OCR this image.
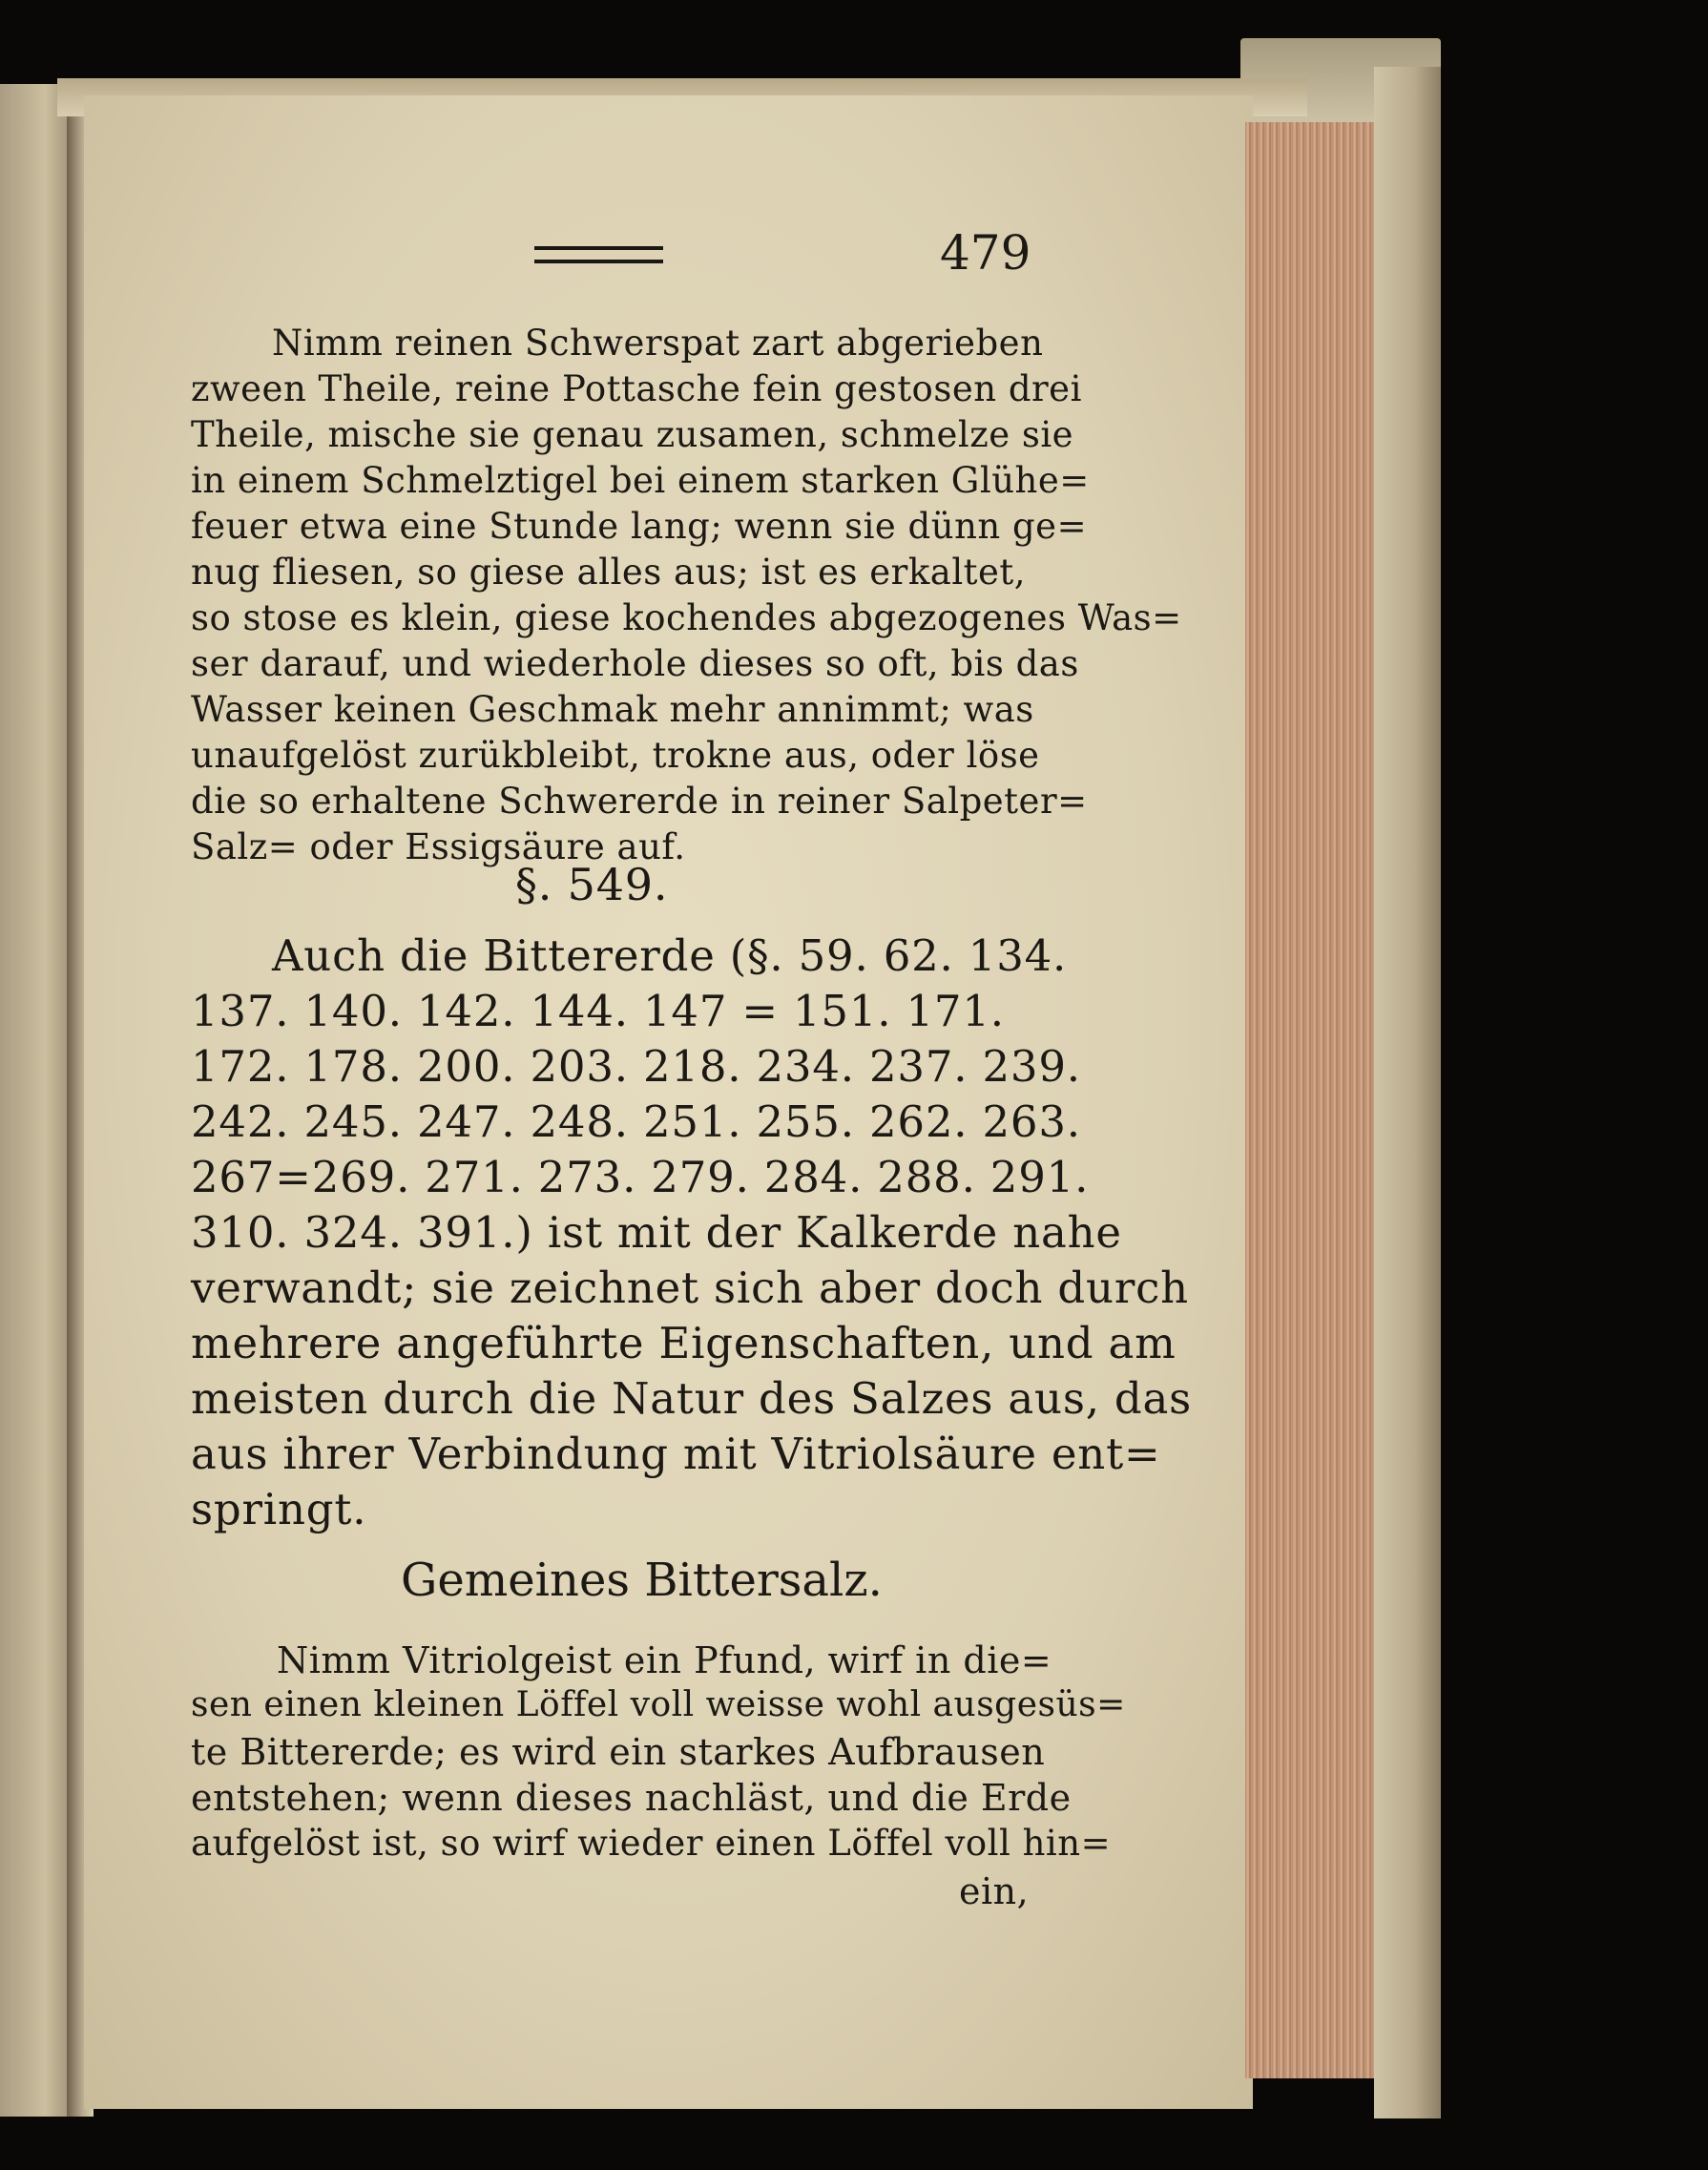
479
Nimm reinen Schwerspat zart abgerieben
zween Theile, reine Pottasche fein gestosen drei
Theile, mische sie genau zusamen, schmelze sie
in einem Schmelztigel bei einem starken Glühe=
feuer etwa eine Stunde lang; wenn sie dünn ge=
nug fliesen, so giese alles aus; ist es erkaltet,
so stose es klein, giese kochendes abgezogenes Was=
ser darauf, und wiederhole dieses so oft, bis das
Wasser keinen Geschmak mehr annimmt; was
unaufgelöst zurükbleibt, trokne aus, oder löse
die so erhaltene Schwererde in reiner Salpeter=
Salz= oder Essigsäure auf.
§. 549.
Auch die Bittererde (§. 59. 62. 134.
137. 140. 142. 144. 147 = 151. 171.
172. 178. 200. 203. 218. 234. 237. 239.
242. 245. 247. 248. 251. 255. 262. 263.
267=269. 271. 273. 279. 284. 288. 291.
310. 324. 391.) ist mit der Kalkerde nahe
verwandt; sie zeichnet sich aber doch durch
mehrere angeführte Eigenschaften, und am
meisten durch die Natur des Salzes aus, das
aus ihrer Verbindung mit Vitriolsäure ent=
springt.
Gemeines Bittersalz.
Nimm Vitriolgeist ein Pfund, wirf in die=
sen einen kleinen Löffel voll weisse wohl ausgesüs=
te Bittererde; es wird ein starkes Aufbrausen
entstehen; wenn dieses nachläst, und die Erde
aufgelöst ist, so wirf wieder einen Löffel voll hin=
ein,
